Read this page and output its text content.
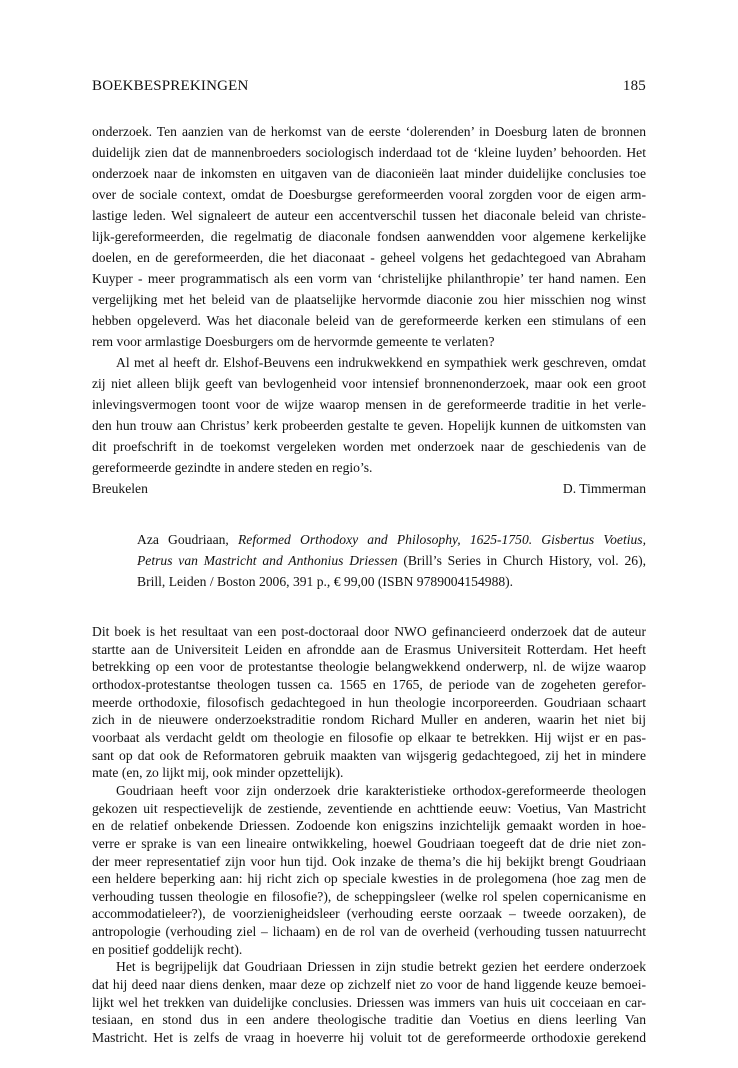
BOEKBESPREKINGEN	185
onderzoek. Ten aanzien van de herkomst van de eerste ‘dolerenden’ in Doesburg laten de bronnen
duidelijk zien dat de mannenbroeders sociologisch inderdaad tot de ‘kleine luyden’ behoorden. Het
onderzoek naar de inkomsten en uitgaven van de diaconieën laat minder duidelijke conclusies toe
over de sociale context, omdat de Doesburgse gereformeerden vooral zorgden voor de eigen arm-
lastige leden. Wel signaleert de auteur een accentverschil tussen het diaconale beleid van christe-
lijk-gereformeerden, die regelmatig de diaconale fondsen aanwendden voor algemene kerkelijke
doelen, en de gereformeerden, die het diaconaat - geheel volgens het gedachtegoed van Abraham
Kuyper - meer programmatisch als een vorm van ‘christelijke philanthropie’ ter hand namen. Een
vergelijking met het beleid van de plaatselijke hervormde diaconie zou hier misschien nog winst
hebben opgeleverd. Was het diaconale beleid van de gereformeerde kerken een stimulans of een
rem voor armlastige Doesburgers om de hervormde gemeente te verlaten?
Al met al heeft dr. Elshof-Beuvens een indrukwekkend en sympathiek werk geschreven, omdat
zij niet alleen blijk geeft van bevlogenheid voor intensief bronnenonderzoek, maar ook een groot
inlevingsvermogen toont voor de wijze waarop mensen in de gereformeerde traditie in het verle-
den hun trouw aan Christus’ kerk probeerden gestalte te geven. Hopelijk kunnen de uitkomsten van
dit proefschrift in de toekomst vergeleken worden met onderzoek naar de geschiedenis van de
gereformeerde gezindte in andere steden en regio’s.
Breukelen	D. Timmerman
Aza Goudriaan, Reformed Orthodoxy and Philosophy, 1625-1750. Gisbertus Voetius,
Petrus van Mastricht and Anthonius Driessen (Brill’s Series in Church History, vol. 26),
Brill, Leiden / Boston 2006, 391 p., € 99,00 (ISBN 9789004154988).
Dit boek is het resultaat van een post-doctoraal door NWO gefinancieerd onderzoek dat de auteur
startte aan de Universiteit Leiden en afrondde aan de Erasmus Universiteit Rotterdam. Het heeft
betrekking op een voor de protestantse theologie belangwekkend onderwerp, nl. de wijze waarop
orthodox-protestantse theologen tussen ca. 1565 en 1765, de periode van de zogeheten gerefor-
meerde orthodoxie, filosofisch gedachtegoed in hun theologie incorporeerden. Goudriaan schaart
zich in de nieuwere onderzoekstraditie rondom Richard Muller en anderen, waarin het niet bij
voorbaat als verdacht geldt om theologie en filosofie op elkaar te betrekken. Hij wijst er en pas-
sant op dat ook de Reformatoren gebruik maakten van wijsgerig gedachtegoed, zij het in mindere
mate (en, zo lijkt mij, ook minder opzettelijk).
Goudriaan heeft voor zijn onderzoek drie karakteristieke orthodox-gereformeerde theologen
gekozen uit respectievelijk de zestiende, zeventiende en achttiende eeuw: Voetius, Van Mastricht
en de relatief onbekende Driessen. Zodoende kon enigszins inzichtelijk gemaakt worden in hoe-
verre er sprake is van een lineaire ontwikkeling, hoewel Goudriaan toegeeft dat de drie niet zon-
der meer representatief zijn voor hun tijd. Ook inzake de thema’s die hij bekijkt brengt Goudriaan
een heldere beperking aan: hij richt zich op speciale kwesties in de prolegomena (hoe zag men de
verhouding tussen theologie en filosofie?), de scheppingsleer (welke rol spelen copernicanisme en
accommodatieleer?), de voorzienigheidsleer (verhouding eerste oorzaak – tweede oorzaken), de
antropologie (verhouding ziel – lichaam) en de rol van de overheid (verhouding tussen natuurrecht
en positief goddelijk recht).
Het is begrijpelijk dat Goudriaan Driessen in zijn studie betrekt gezien het eerdere onderzoek
dat hij deed naar diens denken, maar deze op zichzelf niet zo voor de hand liggende keuze bemoei-
lijkt wel het trekken van duidelijke conclusies. Driessen was immers van huis uit cocceiaan en car-
tesiaan, en stond dus in een andere theologische traditie dan Voetius en diens leerling Van
Mastricht. Het is zelfs de vraag in hoeverre hij voluit tot de gereformeerde orthodoxie gerekend
